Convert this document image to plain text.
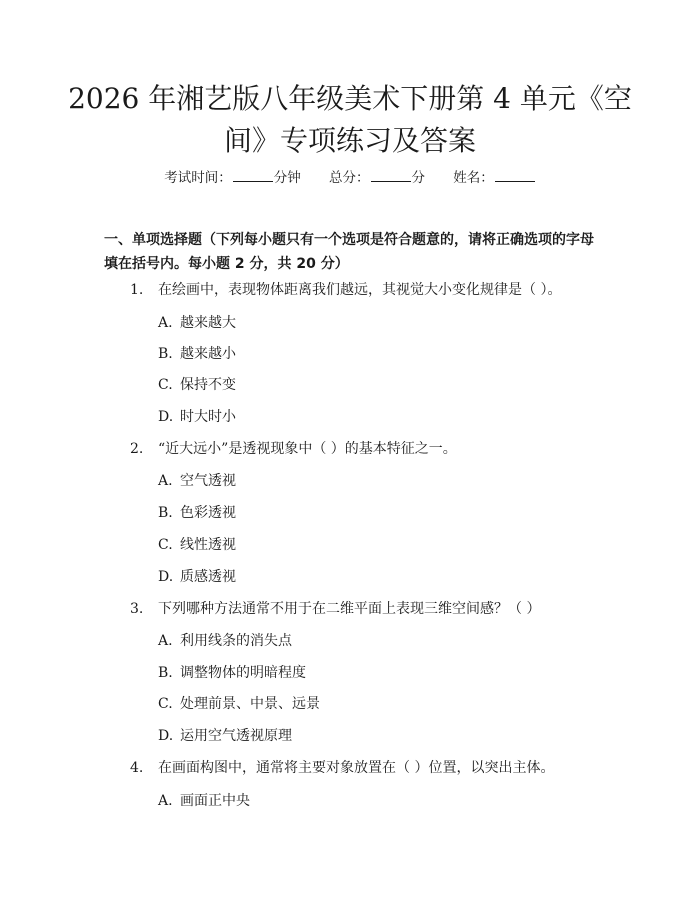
2026 年湘艺版八年级美术下册第 4 单元《空
间》专项练习及答案
考试时间：	分钟 总分：	分 姓名：
一、单项选择题（下列每小题只有一个选项是符合题意的，请将正确选项的字母填在括号内。每小题 2 分，共 20 分）
1. 在绘画中，表现物体距离我们越远，其视觉大小变化规律是（ ）。
A. 越来越大
B. 越来越小
C. 保持不变
D. 时大时小
2. “近大远小”是透视现象中（ ）的基本特征之一。
A. 空气透视
B. 色彩透视
C. 线性透视
D. 质感透视
3. 下列哪种方法通常不用于在二维平面上表现三维空间感？（ ）
A. 利用线条的消失点
B. 调整物体的明暗程度
C. 处理前景、中景、远景
D. 运用空气透视原理
4. 在画面构图中，通常将主要对象放置在（ ）位置，以突出主体。
A. 画面正中央
